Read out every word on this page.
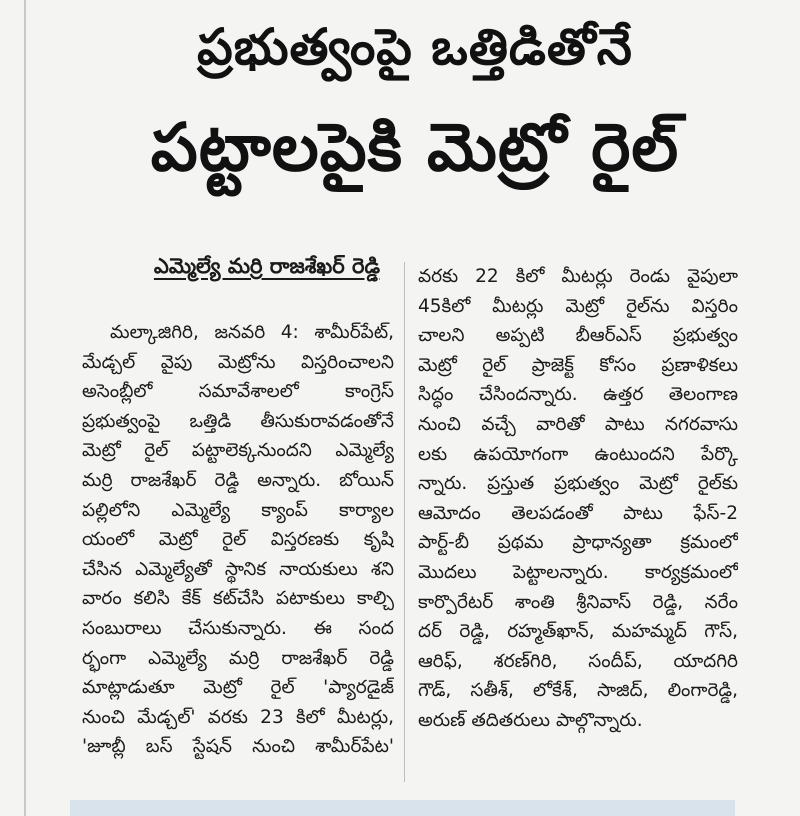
ప్రభుత్వంపై ఒత్తిడితోనే
పట్టాలపైకి మెట్రో రైల్
ఎమ్మెల్యే మర్రి రాజశేఖర్ రెడ్డి
మల్కాజిగిరి, జనవరి 4: శామీర్‌పేట్,
మేడ్చల్ వైపు మెట్రోను విస్తరించాలని
అసెంబ్లీలో సమావేశాలలో కాంగ్రెస్
ప్రభుత్వంపై ఒత్తిడి తీసుకురావడంతోనే
మెట్రో రైల్ పట్టాలెక్కనుందని ఎమ్మెల్యే
మర్రి రాజశేఖర్ రెడ్డి అన్నారు. బోయిన్
పల్లిలోని ఎమ్మెల్యే క్యాంప్ కార్యాల
యంలో మెట్రో రైల్ విస్తరణకు కృషి
చేసిన ఎమ్మెల్యేతో స్థానిక నాయకులు శని
వారం కలిసి కేక్ కట్‌చేసి పటాకులు కాల్చి
సంబురాలు చేసుకున్నారు. ఈ సంద
ర్భంగా ఎమ్మెల్యే మర్రి రాజశేఖర్ రెడ్డి
మాట్లాడుతూ మెట్రో రైల్ 'ప్యారడైజ్
నుంచి మేడ్చల్' వరకు 23 కిలో మీటర్లు,
'జూబ్లీ బస్ స్టేషన్ నుంచి శామీర్‌పేట'
వరకు 22 కిలో మీటర్లు రెండు వైపులా
45కిలో మీటర్లు మెట్రో రైల్‌ను విస్తరిం
చాలని అప్పటి బీఆర్ఎస్ ప్రభుత్వం
మెట్రో రైల్ ప్రాజెక్ట్ కోసం ప్రణాళికలు
సిద్ధం చేసిందన్నారు. ఉత్తర తెలంగాణ
నుంచి వచ్చే వారితో పాటు నగరవాసు
లకు ఉపయోగంగా ఉంటుందని పేర్కొ
న్నారు. ప్రస్తుత ప్రభుత్వం మెట్రో రైల్‌కు
ఆమోదం తెలపడంతో పాటు ఫేస్-2
పార్ట్-బీ ప్రథమ ప్రాధాన్యతా క్రమంలో
మొదలు పెట్టాలన్నారు. కార్యక్రమంలో
కార్పొరేటర్ శాంతి శ్రీనివాస్ రెడ్డి, నరేం
దర్ రెడ్డి, రహ్మత్‌ఖాన్, మహమ్మద్ గౌస్,
ఆరిఫ్, శరణ్‌గిరి, సందీప్, యాదగిరి
గౌడ్, సతీశ్, లోకేశ్, సాజిద్, లింగారెడ్డి,
అరుణ్ తదితరులు పాల్గొన్నారు.
